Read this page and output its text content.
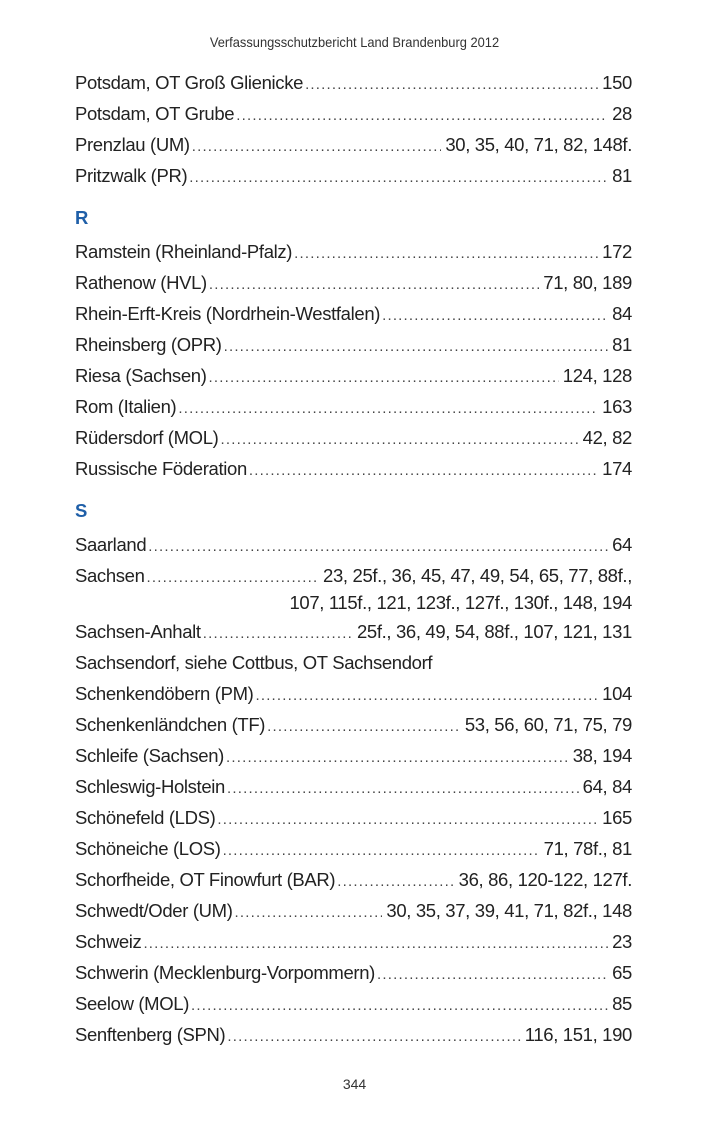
Verfassungsschutzbericht Land Brandenburg 2012
Potsdam, OT Groß Glienicke .....	150
Potsdam, OT Grube .....	28
Prenzlau (UM) .....	30, 35, 40, 71, 82, 148f.
Pritzwalk (PR) .....	81
R
Ramstein (Rheinland-Pfalz) .....	172
Rathenow (HVL) .....	71, 80, 189
Rhein-Erft-Kreis (Nordrhein-Westfalen) .....	84
Rheinsberg (OPR) .....	81
Riesa (Sachsen) .....	124, 128
Rom (Italien) .....	163
Rüdersdorf (MOL) .....	42, 82
Russische Föderation .....	174
S
Saarland .....	64
Sachsen .....	23, 25f., 36, 45, 47, 49, 54, 65, 77, 88f.,
107, 115f., 121, 123f., 127f., 130f., 148, 194
Sachsen-Anhalt .....	25f., 36, 49, 54, 88f., 107, 121, 131
Sachsendorf, siehe Cottbus, OT Sachsendorf
Schenkendöbern (PM) .....	104
Schenkenländchen (TF) .....	53, 56, 60, 71, 75, 79
Schleife (Sachsen) .....	38, 194
Schleswig-Holstein .....	64, 84
Schönefeld (LDS) .....	165
Schöneiche (LOS) .....	71, 78f., 81
Schorfheide, OT Finowfurt (BAR) .....	36, 86, 120-122, 127f.
Schwedt/Oder (UM) .....	30, 35, 37, 39, 41, 71, 82f., 148
Schweiz .....	23
Schwerin (Mecklenburg-Vorpommern) .....	65
Seelow (MOL) .....	85
Senftenberg (SPN) .....	116, 151, 190
344
